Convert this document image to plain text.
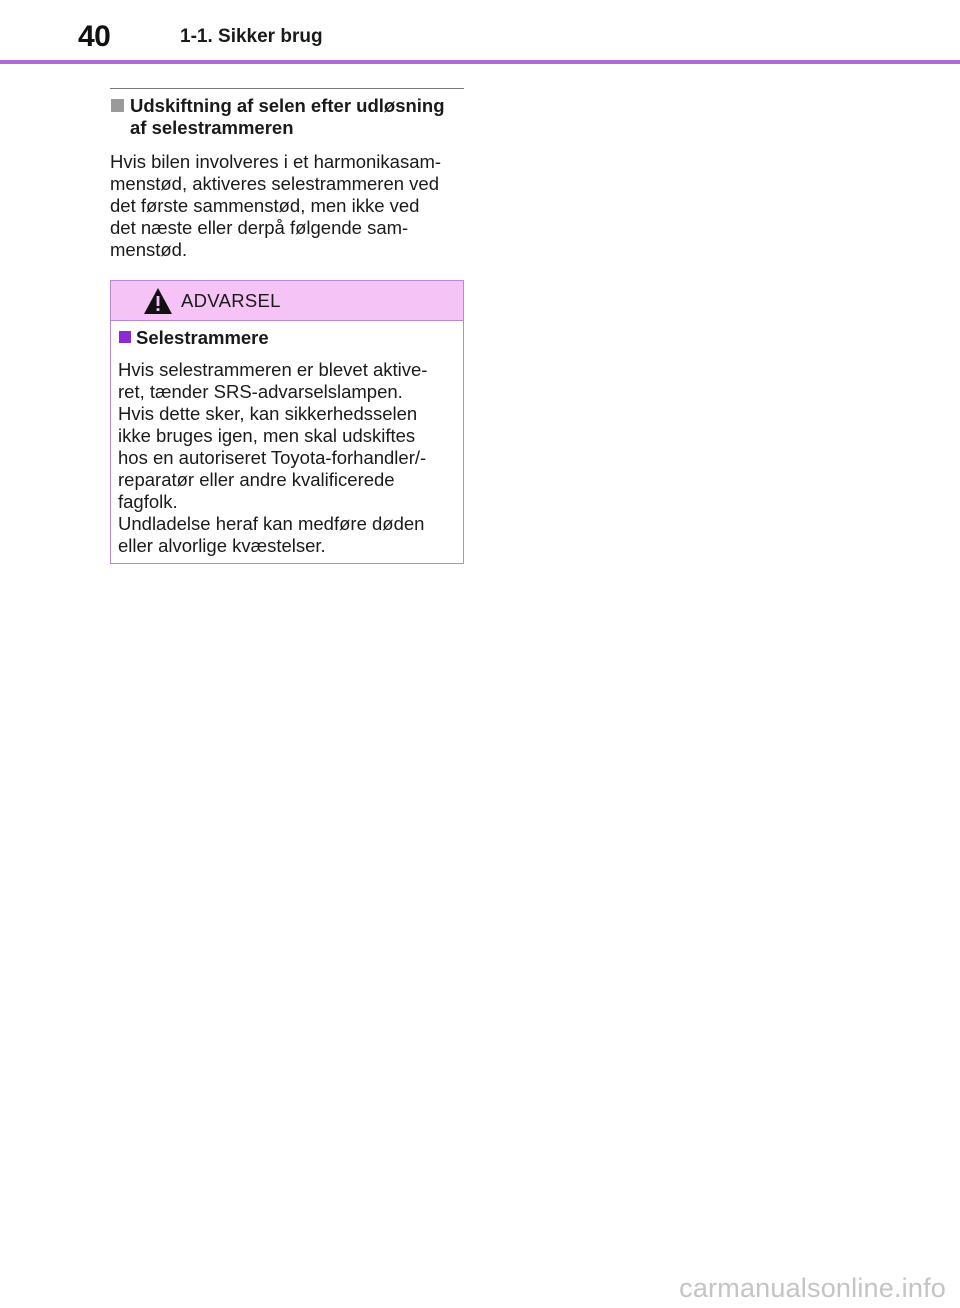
40	1-1. Sikker brug
Udskiftning af selen efter udløsning af selestrammeren

Hvis bilen involveres i et harmonikasam-
menstød, aktiveres selestrammeren ved
det første sammenstød, men ikke ved
det næste eller derpå følgende sam-
menstød.

ADVARSEL
Selestrammere

Hvis selestrammeren er blevet aktive-
ret, tænder SRS-advarselslampen.
Hvis dette sker, kan sikkerhedsselen
ikke bruges igen, men skal udskiftes
hos en autoriseret Toyota-forhandler/-
reparatør eller andre kvalificerede
fagfolk.
Undladelse heraf kan medføre døden
eller alvorlige kvæstelser.

carmanualsonline.info
